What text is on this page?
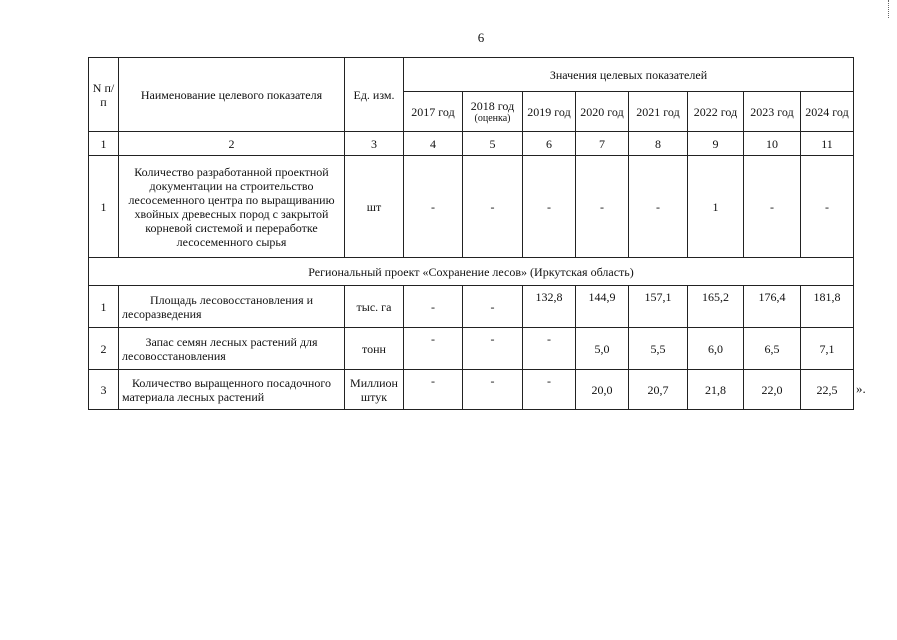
6
N п/п	Наименование целевого показателя	Ед. изм.	Значения целевых показателей							
			2017 год	2018 год
(оценка)	2019 год	2020 год	2021 год	2022 год	2023 год	2024 год
1	2	3	4	5	6	7	8	9	10	11
1	Количество разработанной проектной документации на строительство лесосеменного центра по выращиванию хвойных древесных пород с закрытой корневой системой и переработке лесосеменного сырья	шт	-	-	-	-	-	1	-	-
Региональный проект «Сохранение лесов» (Иркутская область)										
1	Площадь лесовосстановления и лесоразведения	тыс. га	-	-	132,8	144,9	157,1	165,2	176,4	181,8
2	Запас семян лесных растений для лесовосстановления	тонн	-	-	-	5,0	5,5	6,0	6,5	7,1
3	Количество выращенного посадочного материала лесных растений	Миллион штук	-	-	-	20,0	20,7	21,8	22,0	22,5 ».
